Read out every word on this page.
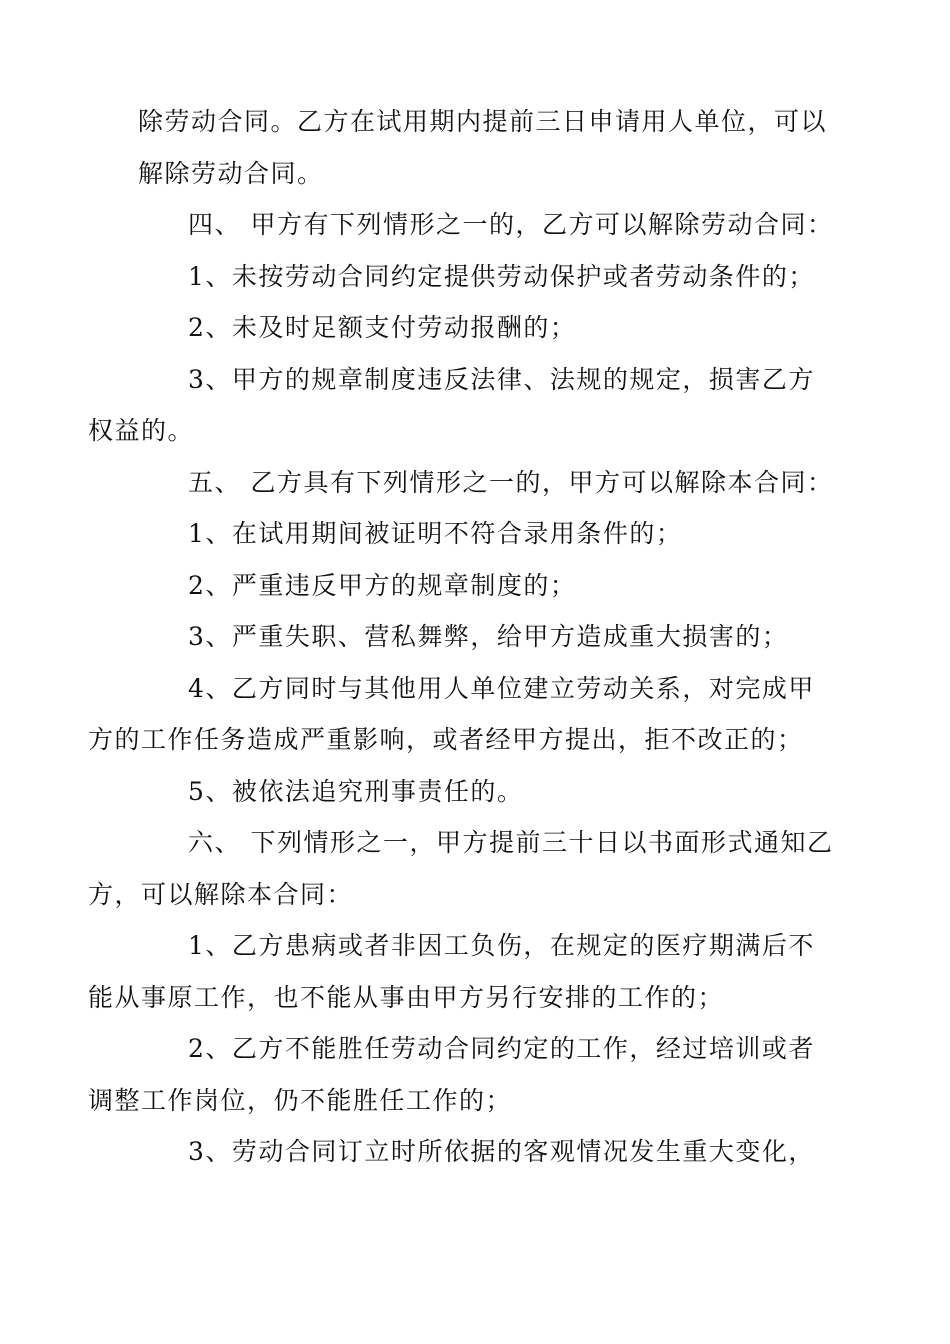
除劳动合同。乙方在试用期内提前三日申请用人单位，可以
解除劳动合同。

四、 甲方有下列情形之一的，乙方可以解除劳动合同：

1、未按劳动合同约定提供劳动保护或者劳动条件的；

2、未及时足额支付劳动报酬的；

3、甲方的规章制度违反法律、法规的规定，损害乙方
权益的。

五、 乙方具有下列情形之一的，甲方可以解除本合同：

1、在试用期间被证明不符合录用条件的；

2、严重违反甲方的规章制度的；

3、严重失职、营私舞弊，给甲方造成重大损害的；

4、乙方同时与其他用人单位建立劳动关系，对完成甲
方的工作任务造成严重影响，或者经甲方提出，拒不改正的；

5、被依法追究刑事责任的。

六、 下列情形之一，甲方提前三十日以书面形式通知乙
方，可以解除本合同：

1、乙方患病或者非因工负伤，在规定的医疗期满后不
能从事原工作，也不能从事由甲方另行安排的工作的；

2、乙方不能胜任劳动合同约定的工作，经过培训或者
调整工作岗位，仍不能胜任工作的；

3、劳动合同订立时所依据的客观情况发生重大变化，
